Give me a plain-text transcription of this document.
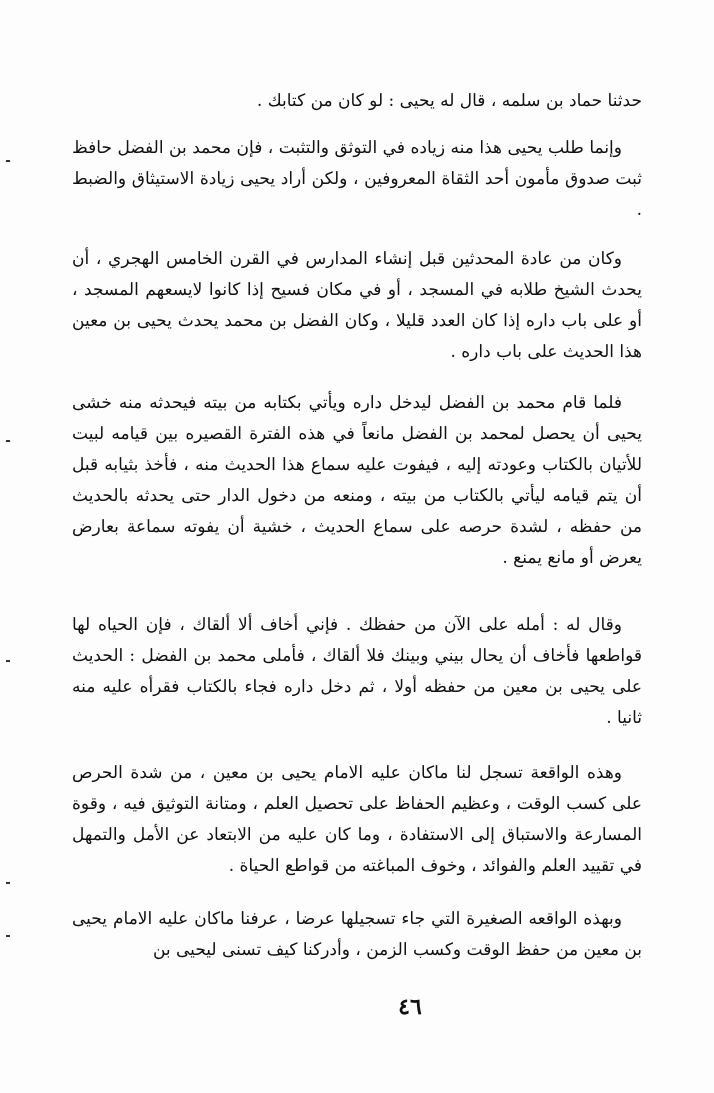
حدثنا حماد بن سلمه ، قال له يحيى : لو كان من كتابك .

وإنما طلب يحيى هذا منه زياده في التوثق والتثبت ، فإن محمد بن الفضل حافظ ثبت صدوق مأمون أحد الثقاة المعروفين ، ولكن أراد يحيى زيادة الاستيثاق والضبط .

وكان من عادة المحدثين قبل إنشاء المدارس في القرن الخامس الهجري ، أن يحدث الشيخ طلابه في المسجد ، أو في مكان فسيح إذا كانوا لايسعهم المسجد ، أو على باب داره إذا كان العدد قليلا ، وكان الفضل بن محمد يحدث يحيى بن معين هذا الحديث على باب داره .

فلما قام محمد بن الفضل ليدخل داره ويأتي بكتابه من بيته فيحدثه منه خشى يحيى أن يحصل لمحمد بن الفضل مانعاً في هذه الفترة القصيره بين قيامه لبيت للأتيان بالكتاب وعودته إليه ، فيفوت عليه سماع هذا الحديث منه ، فأخذ بثيابه قبل أن يتم قيامه ليأتي بالكتاب من بيته ، ومنعه من دخول الدار حتى يحدثه بالحديث من حفظه ، لشدة حرصه على سماع الحديث ، خشية أن يفوته سماعة بعارض يعرض أو مانع يمنع .

وقال له : أمله على الآن من حفظك . فإني أخاف ألا ألقاك ، فإن الحياه لها قواطعها فأخاف أن يحال بيني وبينك فلا ألقاك ، فأملى محمد بن الفضل : الحديث على يحيى بن معين من حفظه أولا ، ثم دخل داره فجاء بالكتاب فقرأه عليه منه ثانيا .

وهذه الواقعة تسجل لنا ماكان عليه الامام يحيى بن معين ، من شدة الحرص على كسب الوقت ، وعظيم الحفاظ على تحصيل العلم ، ومتانة التوثيق فيه ، وقوة المسارعة والاستباق إلى الاستفادة ، وما كان عليه من الابتعاد عن الأمل والتمهل في تقييد العلم والفوائد ، وخوف المباغته من قواطع الحياة .

وبهذه الواقعه الصغيرة التي جاء تسجيلها عرضا ، عرفنا ماكان عليه الامام يحيى بن معين من حفظ الوقت وكسب الزمن ، وأدركنا كيف تسنى ليحيى بن

٤٦
